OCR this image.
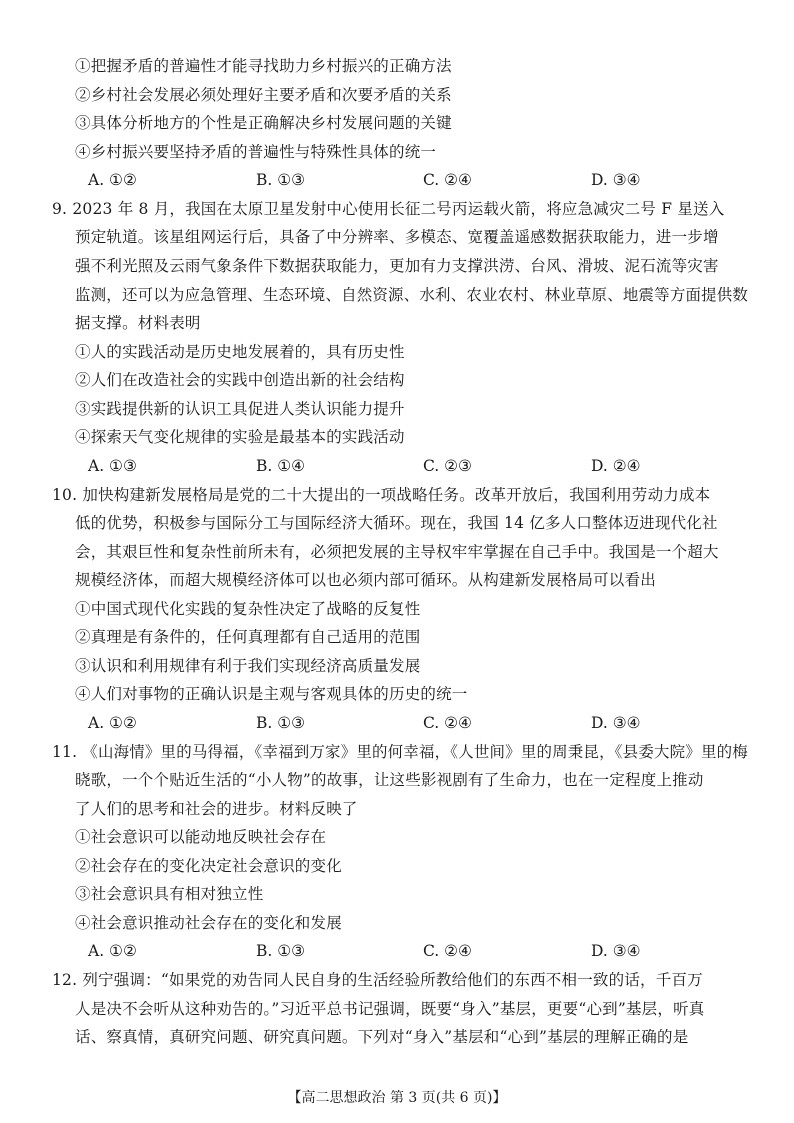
①把握矛盾的普遍性才能寻找助力乡村振兴的正确方法
②乡村社会发展必须处理好主要矛盾和次要矛盾的关系
③具体分析地方的个性是正确解决乡村发展问题的关键
④乡村振兴要坚持矛盾的普遍性与特殊性具体的统一
A. ①②	B. ①③	C. ②④	D. ③④
9. 2023 年 8 月，我国在太原卫星发射中心使用长征二号丙运载火箭，将应急减灾二号 F 星送入
预定轨道。该星组网运行后，具备了中分辨率、多模态、宽覆盖遥感数据获取能力，进一步增
强不利光照及云雨气象条件下数据获取能力，更加有力支撑洪涝、台风、滑坡、泥石流等灾害
监测，还可以为应急管理、生态环境、自然资源、水利、农业农村、林业草原、地震等方面提供数
据支撑。材料表明
①人的实践活动是历史地发展着的，具有历史性
②人们在改造社会的实践中创造出新的社会结构
③实践提供新的认识工具促进人类认识能力提升
④探索天气变化规律的实验是最基本的实践活动
A. ①③	B. ①④	C. ②③	D. ②④
10. 加快构建新发展格局是党的二十大提出的一项战略任务。改革开放后，我国利用劳动力成本
低的优势，积极参与国际分工与国际经济大循环。现在，我国 14 亿多人口整体迈进现代化社
会，其艰巨性和复杂性前所未有，必须把发展的主导权牢牢掌握在自己手中。我国是一个超大
规模经济体，而超大规模经济体可以也必须内部可循环。从构建新发展格局可以看出
①中国式现代化实践的复杂性决定了战略的反复性
②真理是有条件的，任何真理都有自己适用的范围
③认识和利用规律有利于我们实现经济高质量发展
④人们对事物的正确认识是主观与客观具体的历史的统一
A. ①②	B. ①③	C. ②④	D. ③④
11. 《山海情》里的马得福，《幸福到万家》里的何幸福，《人世间》里的周秉昆，《县委大院》里的梅
晓歌，一个个贴近生活的“小人物”的故事，让这些影视剧有了生命力，也在一定程度上推动
了人们的思考和社会的进步。材料反映了
①社会意识可以能动地反映社会存在
②社会存在的变化决定社会意识的变化
③社会意识具有相对独立性
④社会意识推动社会存在的变化和发展
A. ①②	B. ①③	C. ②④	D. ③④
12. 列宁强调：“如果党的劝告同人民自身的生活经验所教给他们的东西不相一致的话，千百万
人是决不会听从这种劝告的。”习近平总书记强调，既要“身入”基层，更要“心到”基层，听真
话、察真情，真研究问题、研究真问题。下列对“身入”基层和“心到”基层的理解正确的是
【高二思想政治 第 3 页(共 6 页)】
